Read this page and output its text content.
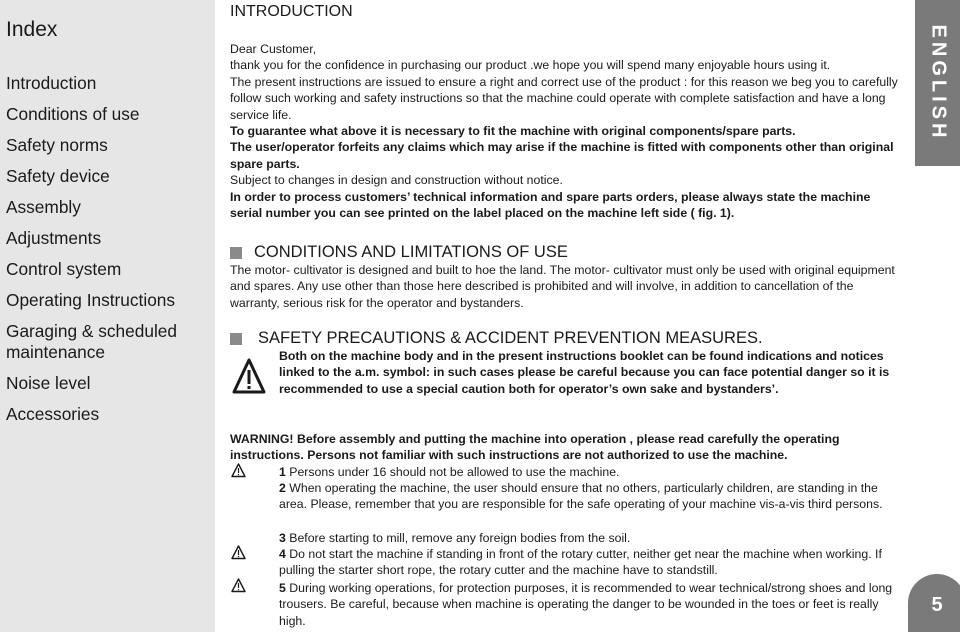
Index
Introduction
Conditions of use
Safety norms
Safety device
Assembly
Adjustments
Control system
Operating Instructions
Garaging & scheduled maintenance
Noise level
Accessories
ENGLISH
5
INTRODUCTION

Dear Customer,

thank you for the confidence in purchasing our product .we hope you will spend many enjoyable hours using it.

The present instructions are issued to ensure a right and correct use of the product : for this reason we beg you to carefully follow such working and safety instructions so that the machine could operate with complete satisfaction and have a long service life.

To guarantee what above it is necessary to fit the machine with original components/spare parts.

The user/operator forfeits any claims which may arise if the machine is fitted with components other than original spare parts.

Subject to changes in design and construction without notice.

In order to process customers’ technical information and spare parts orders, please always state the machine serial number you can see printed on the label placed on the machine left side ( fig. 1).

CONDITIONS AND LIMITATIONS OF USE

The motor- cultivator is designed and built to hoe the land. The motor- cultivator must only be used with original equipment and spares. Any use other than those here described is prohibited and will involve, in addition to cancellation of the warranty, serious risk for the operator and bystanders.

SAFETY PRECAUTIONS & ACCIDENT PREVENTION MEASURES.

Both on the machine body and in the present instructions booklet can be found indications and notices linked to the a.m. symbol: in such cases please be careful because you can face potential danger so it is recommended to use a special caution both for operator’s own sake and bystanders’.

WARNING! Before assembly and putting the machine into operation , please read carefully the operating instructions. Persons not familiar with such instructions are not authorized to use the machine.

1 Persons under 16 should not be allowed to use the machine.
2 When operating the machine, the user should ensure that no others, particularly children, are standing in the area. Please, remember that you are responsible for the safe operating of your machine vis-a-vis third persons.
3 Before starting to mill, remove any foreign bodies from the soil.
4 Do not start the machine if standing in front of the rotary cutter, neither get near the machine when working. If pulling the starter short rope, the rotary cutter and the machine have to standstill.
5 During working operations, for protection purposes, it is recommended to wear technical/strong shoes and long trousers. Be careful, because when machine is operating the danger to be wounded in the toes or feet is really high.
